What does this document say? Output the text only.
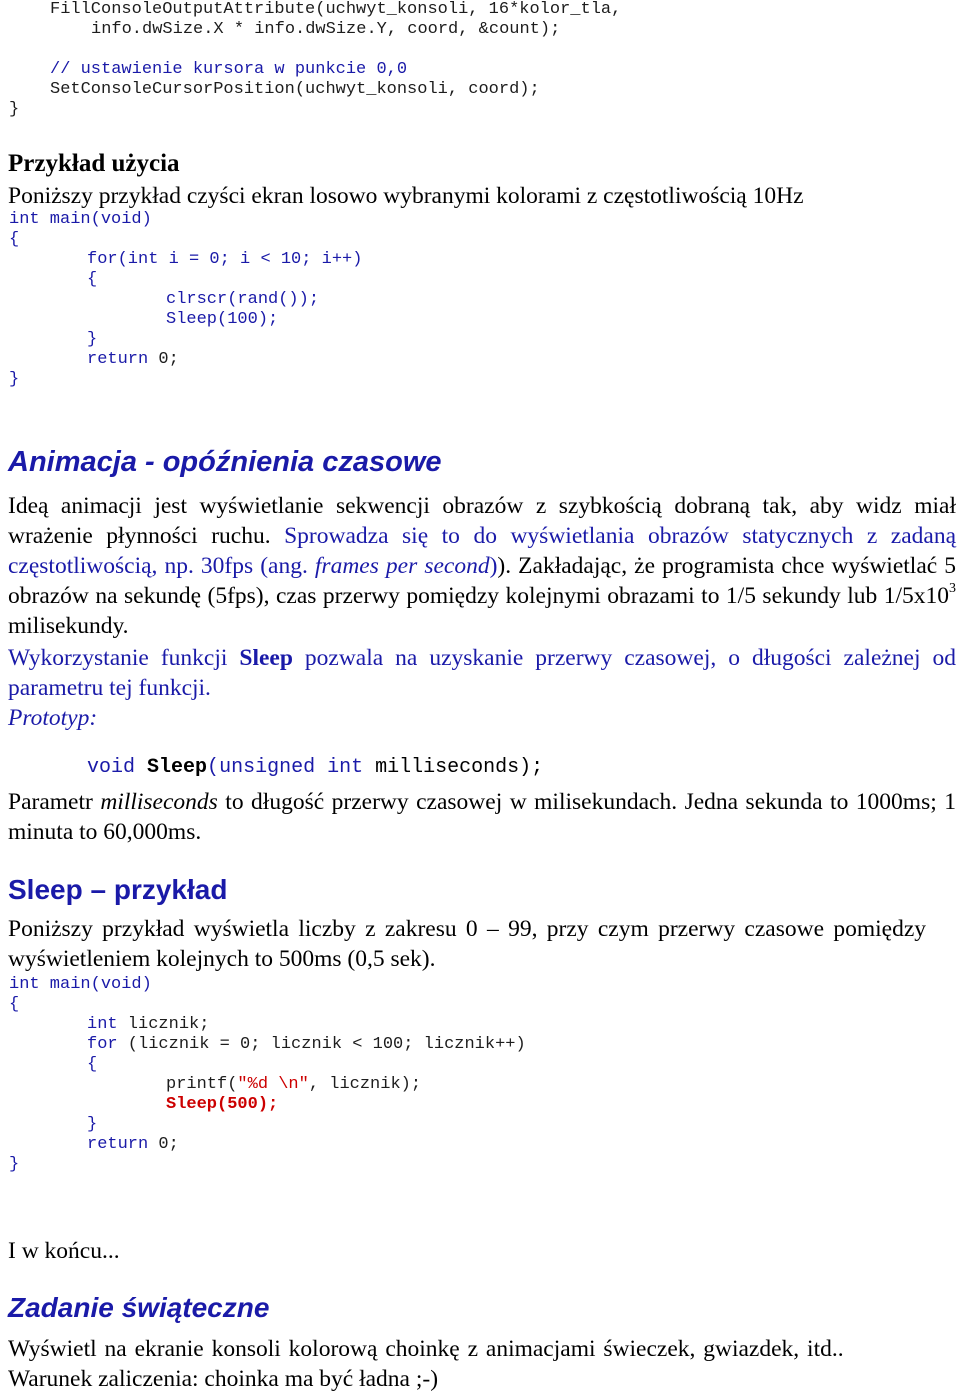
FillConsoleOutputAttribute(uchwyt_konsoli, 16*kolor_tla,
info.dwSize.X * info.dwSize.Y, coord, &count);
// ustawienie kursora w punkcie 0,0
SetConsoleCursorPosition(uchwyt_konsoli, coord);
}
Przykład użycia
Poniższy przykład czyści ekran losowo wybranymi kolorami z częstotliwością 10Hz
int main(void)
{
for(int i = 0; i < 10; i++)
{
clrscr(rand());
Sleep(100);
}
return 0;
}
Animacja - opóźnienia czasowe
Ideą animacji jest wyświetlanie sekwencji obrazów z szybkością dobraną tak, aby widz miał wrażenie płynności ruchu. Sprowadza się to do wyświetlania obrazów statycznych z zadaną częstotliwością, np. 30fps (ang. frames per second)). Zakładając, że programista chce wyświetlać 5 obrazów na sekundę (5fps), czas przerwy pomiędzy kolejnymi obrazami to 1/5 sekundy lub $1/5x10^3$ milisekundy.
Wykorzystanie funkcji Sleep pozwala na uzyskanie przerwy czasowej, o długości zależnej od parametru tej funkcji.
Prototyp:

void Sleep(unsigned int milliseconds);
Parametr milliseconds to długość przerwy czasowej w milisekundach. Jedna sekunda to 1000ms; 1 minuta to 60,000ms.
Sleep – przykład
Poniższy przykład wyświetla liczby z zakresu 0 – 99, przy czym przerwy czasowe pomiędzy wyświetleniem kolejnych to 500ms (0,5 sek).
int main(void)
{
int licznik;
for (licznik = 0; licznik < 100; licznik++)
{
printf("%d \n", licznik);
Sleep(500);
}
return 0;
}
I w końcu...
Zadanie świąteczne
Wyświetl na ekranie konsoli kolorową choinkę z animacjami świeczek, gwiazdek, itd..
Warunek zaliczenia: choinka ma być ładna ;-)
